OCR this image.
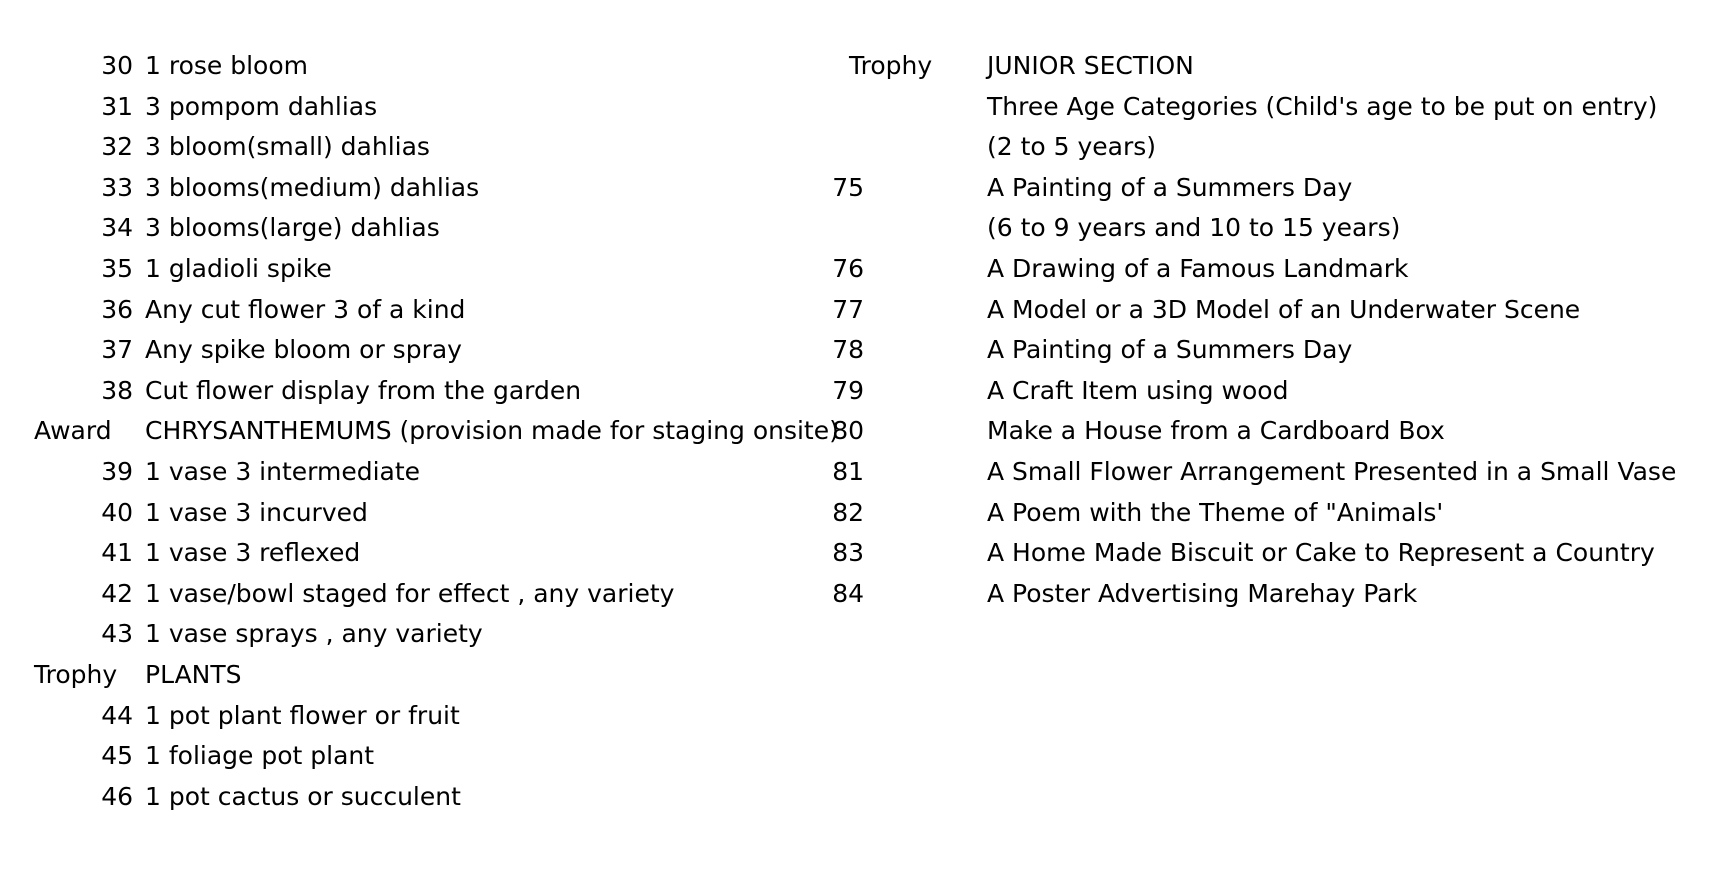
30 1 rose bloom
31 3 pompom dahlias
32 3 bloom(small) dahlias
33 3 blooms(medium) dahlias
34 3 blooms(large) dahlias
35 1 gladioli spike
36 Any cut flower 3 of a kind
37 Any spike bloom or spray
38 Cut flower display from the garden
Award CHRYSANTHEMUMS (provision made for staging onsite)
39 1 vase 3 intermediate
40 1 vase 3 incurved
41 1 vase 3 reflexed
42 1 vase/bowl staged for effect , any variety
43 1 vase sprays , any variety
Trophy PLANTS
44 1 pot plant flower or fruit
45 1 foliage pot plant
46 1 pot cactus or succulent
Trophy JUNIOR SECTION
Three Age Categories (Child's age to be put on entry)
(2 to 5 years)
75	A Painting of a Summers Day
(6 to 9 years and 10 to 15 years)
76	A Drawing of a Famous Landmark
77	A Model or a 3D Model of an Underwater Scene
78	A Painting of a Summers Day
79	A Craft Item using wood
80	Make a House from a Cardboard Box
81	A Small Flower Arrangement Presented in a Small Vase
82	A Poem with the Theme of "Animals'
83	A Home Made Biscuit or Cake to Represent a Country
84	A Poster Advertising Marehay Park
